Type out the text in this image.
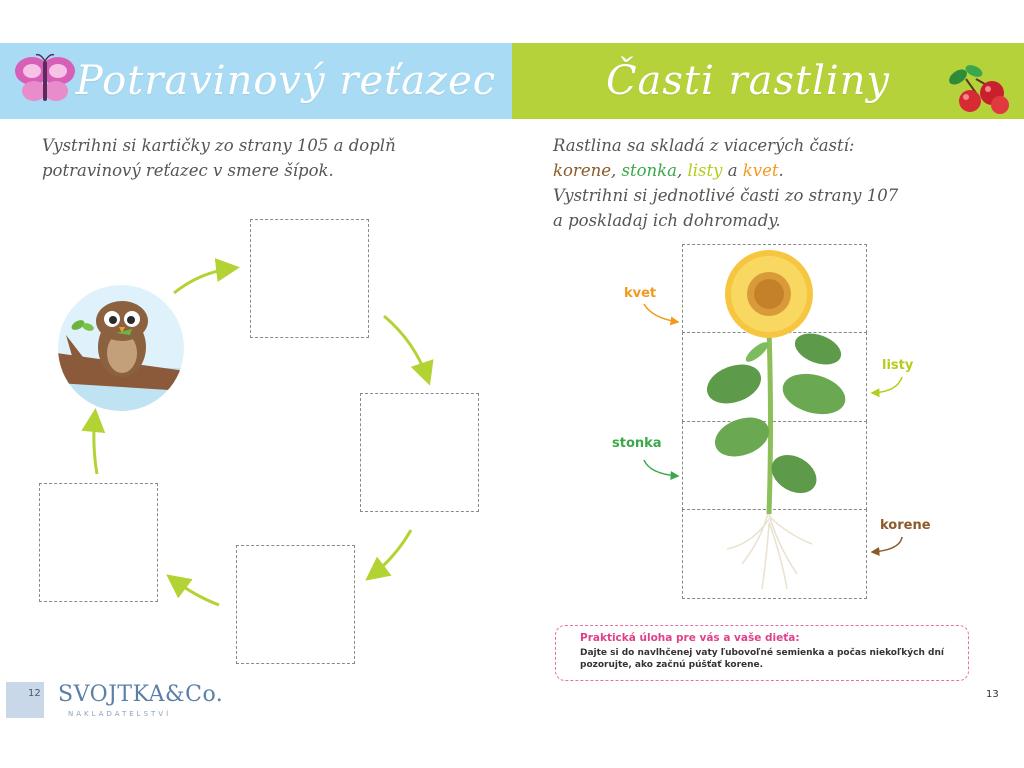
Potravinový reťazec
Vystrihni si kartičky zo strany 105 a doplň
potravinový reťazec v smere šípok.
12 SVOJTKA&Co.
NAKLADATELSTVÍ
Časti rastliny
Rastlina sa skladá z viacerých častí:
korene, stonka, listy a kvet.
Vystrihni si jednotlivé časti zo strany 107
a poskladaj ich dohromady.
kvet
listy
stonka
korene
Praktická úloha pre vás a vaše dieťa:
Dajte si do navlhčenej vaty ľubovoľné semienka a počas niekoľkých dní
pozorujte, ako začnú púšťať korene.
13
